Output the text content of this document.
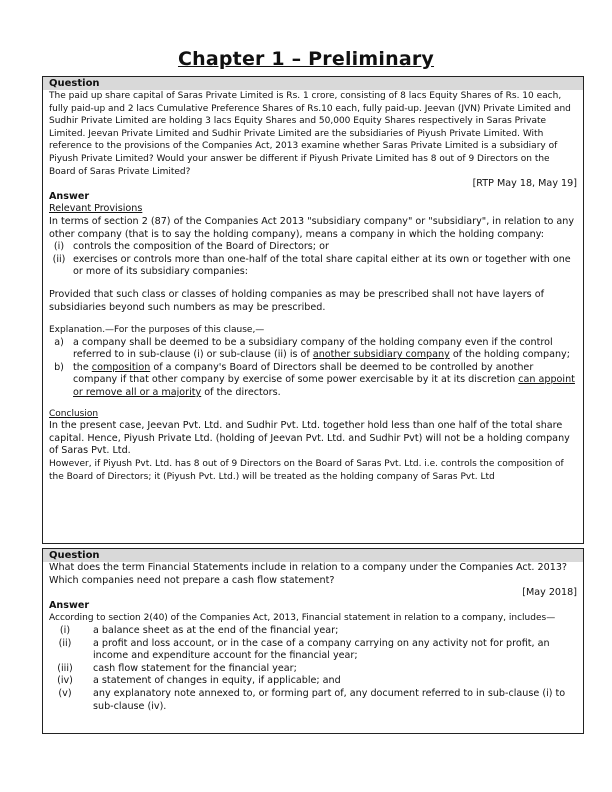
Chapter 1 – Preliminary
Question

The paid up share capital of Saras Private Limited is Rs. 1 crore, consisting of 8 lacs Equity Shares of Rs. 10 each, fully paid-up and 2 lacs Cumulative Preference Shares of Rs.10 each, fully paid-up. Jeevan (JVN) Private Limited and Sudhir Private Limited are holding 3 lacs Equity Shares and 50,000 Equity Shares respectively in Saras Private Limited. Jeevan Private Limited and Sudhir Private Limited are the subsidiaries of Piyush Private Limited. With reference to the provisions of the Companies Act, 2013 examine whether Saras Private Limited is a subsidiary of Piyush Private Limited? Would your answer be different if Piyush Private Limited has 8 out of 9 Directors on the Board of Saras Private Limited?

[RTP May 18, May 19]

Answer

Relevant Provisions

In terms of section 2 (87) of the Companies Act 2013 "subsidiary company" or "subsidiary", in relation to any other company (that is to say the holding company), means a company in which the holding company:

(i) controls the composition of the Board of Directors; or
(ii) exercises or controls more than one-half of the total share capital either at its own or together with one or more of its subsidiary companies:

Provided that such class or classes of holding companies as may be prescribed shall not have layers of subsidiaries beyond such numbers as may be prescribed.

Explanation.—For the purposes of this clause,—

a) a company shall be deemed to be a subsidiary company of the holding company even if the control referred to in sub-clause (i) or sub-clause (ii) is of another subsidiary company of the holding company;
b) the composition of a company's Board of Directors shall be deemed to be controlled by another company if that other company by exercise of some power exercisable by it at its discretion can appoint or remove all or a majority of the directors.

Conclusion

In the present case, Jeevan Pvt. Ltd. and Sudhir Pvt. Ltd. together hold less than one half of the total share capital. Hence, Piyush Private Ltd. (holding of Jeevan Pvt. Ltd. and Sudhir Pvt) will not be a holding company of Saras Pvt. Ltd.

However, if Piyush Pvt. Ltd. has 8 out of 9 Directors on the Board of Saras Pvt. Ltd. i.e. controls the composition of the Board of Directors; it (Piyush Pvt. Ltd.) will be treated as the holding company of Saras Pvt. Ltd

Question

What does the term Financial Statements include in relation to a company under the Companies Act. 2013? Which companies need not prepare a cash flow statement?

[May 2018]

Answer

According to section 2(40) of the Companies Act, 2013, Financial statement in relation to a company, includes—

(i)	a balance sheet as at the end of the financial year;
(ii)	a profit and loss account, or in the case of a company carrying on any activity not for profit, an income and expenditure account for the financial year;
(iii) cash flow statement for the financial year;
(iv) a statement of changes in equity, if applicable; and
(v)	any explanatory note annexed to, or forming part of, any document referred to in sub-clause (i) to sub-clause (iv).
